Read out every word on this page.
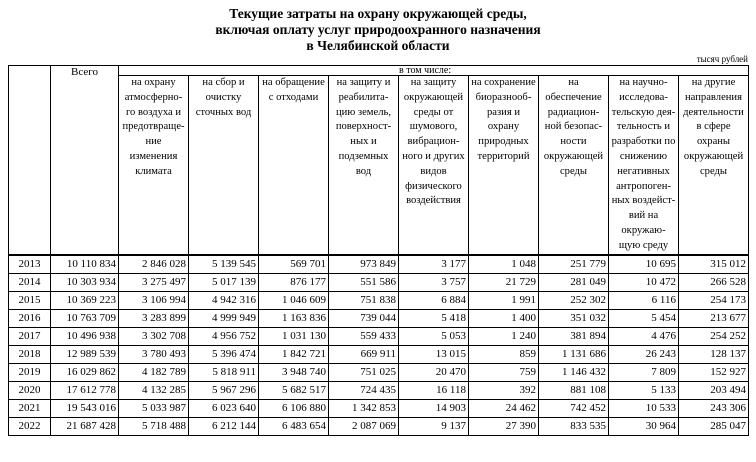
Текущие затраты на охрану окружающей среды,
включая оплату услуг природоохранного назначения
в Челябинской области
тысяч рублей
	Всего	в том числе:								
		на охрану атмосферно-го воздуха и предотвраще-ние изменения климата	на сбор и очистку сточных вод	на обращение с отходами	на защиту и реабилита-цию земель, поверхност-ных и подземных вод	на защиту окружающей среды от шумового, вибрацион-ного и других видов физического воздействия	на сохранение биоразнооб-разия и охрану природных территорий	на обеспечение радиацион-ной безопас-ности окружающей среды	на научно-исследова-тельскую дея-тельность и разработки по снижению негативных антропоген-ных воздейст-вий на окружаю-щую среду	на другие направления деятельности в сфере охраны окружающей среды
2013	10 110 834	2 846 028	5 139 545	569 701	973 849	3 177	1 048	251 779	10 695	315 012
2014	10 303 934	3 275 497	5 017 139	876 177	551 586	3 757	21 729	281 049	10 472	266 528
2015	10 369 223	3 106 994	4 942 316	1 046 609	751 838	6 884	1 991	252 302	6 116	254 173
2016	10 763 709	3 283 899	4 999 949	1 163 836	739 044	5 418	1 400	351 032	5 454	213 677
2017	10 496 938	3 302 708	4 956 752	1 031 130	559 433	5 053	1 240	381 894	4 476	254 252
2018	12 989 539	3 780 493	5 396 474	1 842 721	669 911	13 015	859	1 131 686	26 243	128 137
2019	16 029 862	4 182 789	5 818 911	3 948 740	751 025	20 470	759	1 146 432	7 809	152 927
2020	17 612 778	4 132 285	5 967 296	5 682 517	724 435	16 118	392	881 108	5 133	203 494
2021	19 543 016	5 033 987	6 023 640	6 106 880	1 342 853	14 903	24 462	742 452	10 533	243 306
2022	21 687 428	5 718 488	6 212 144	6 483 654	2 087 069	9 137	27 390	833 535	30 964	285 047
